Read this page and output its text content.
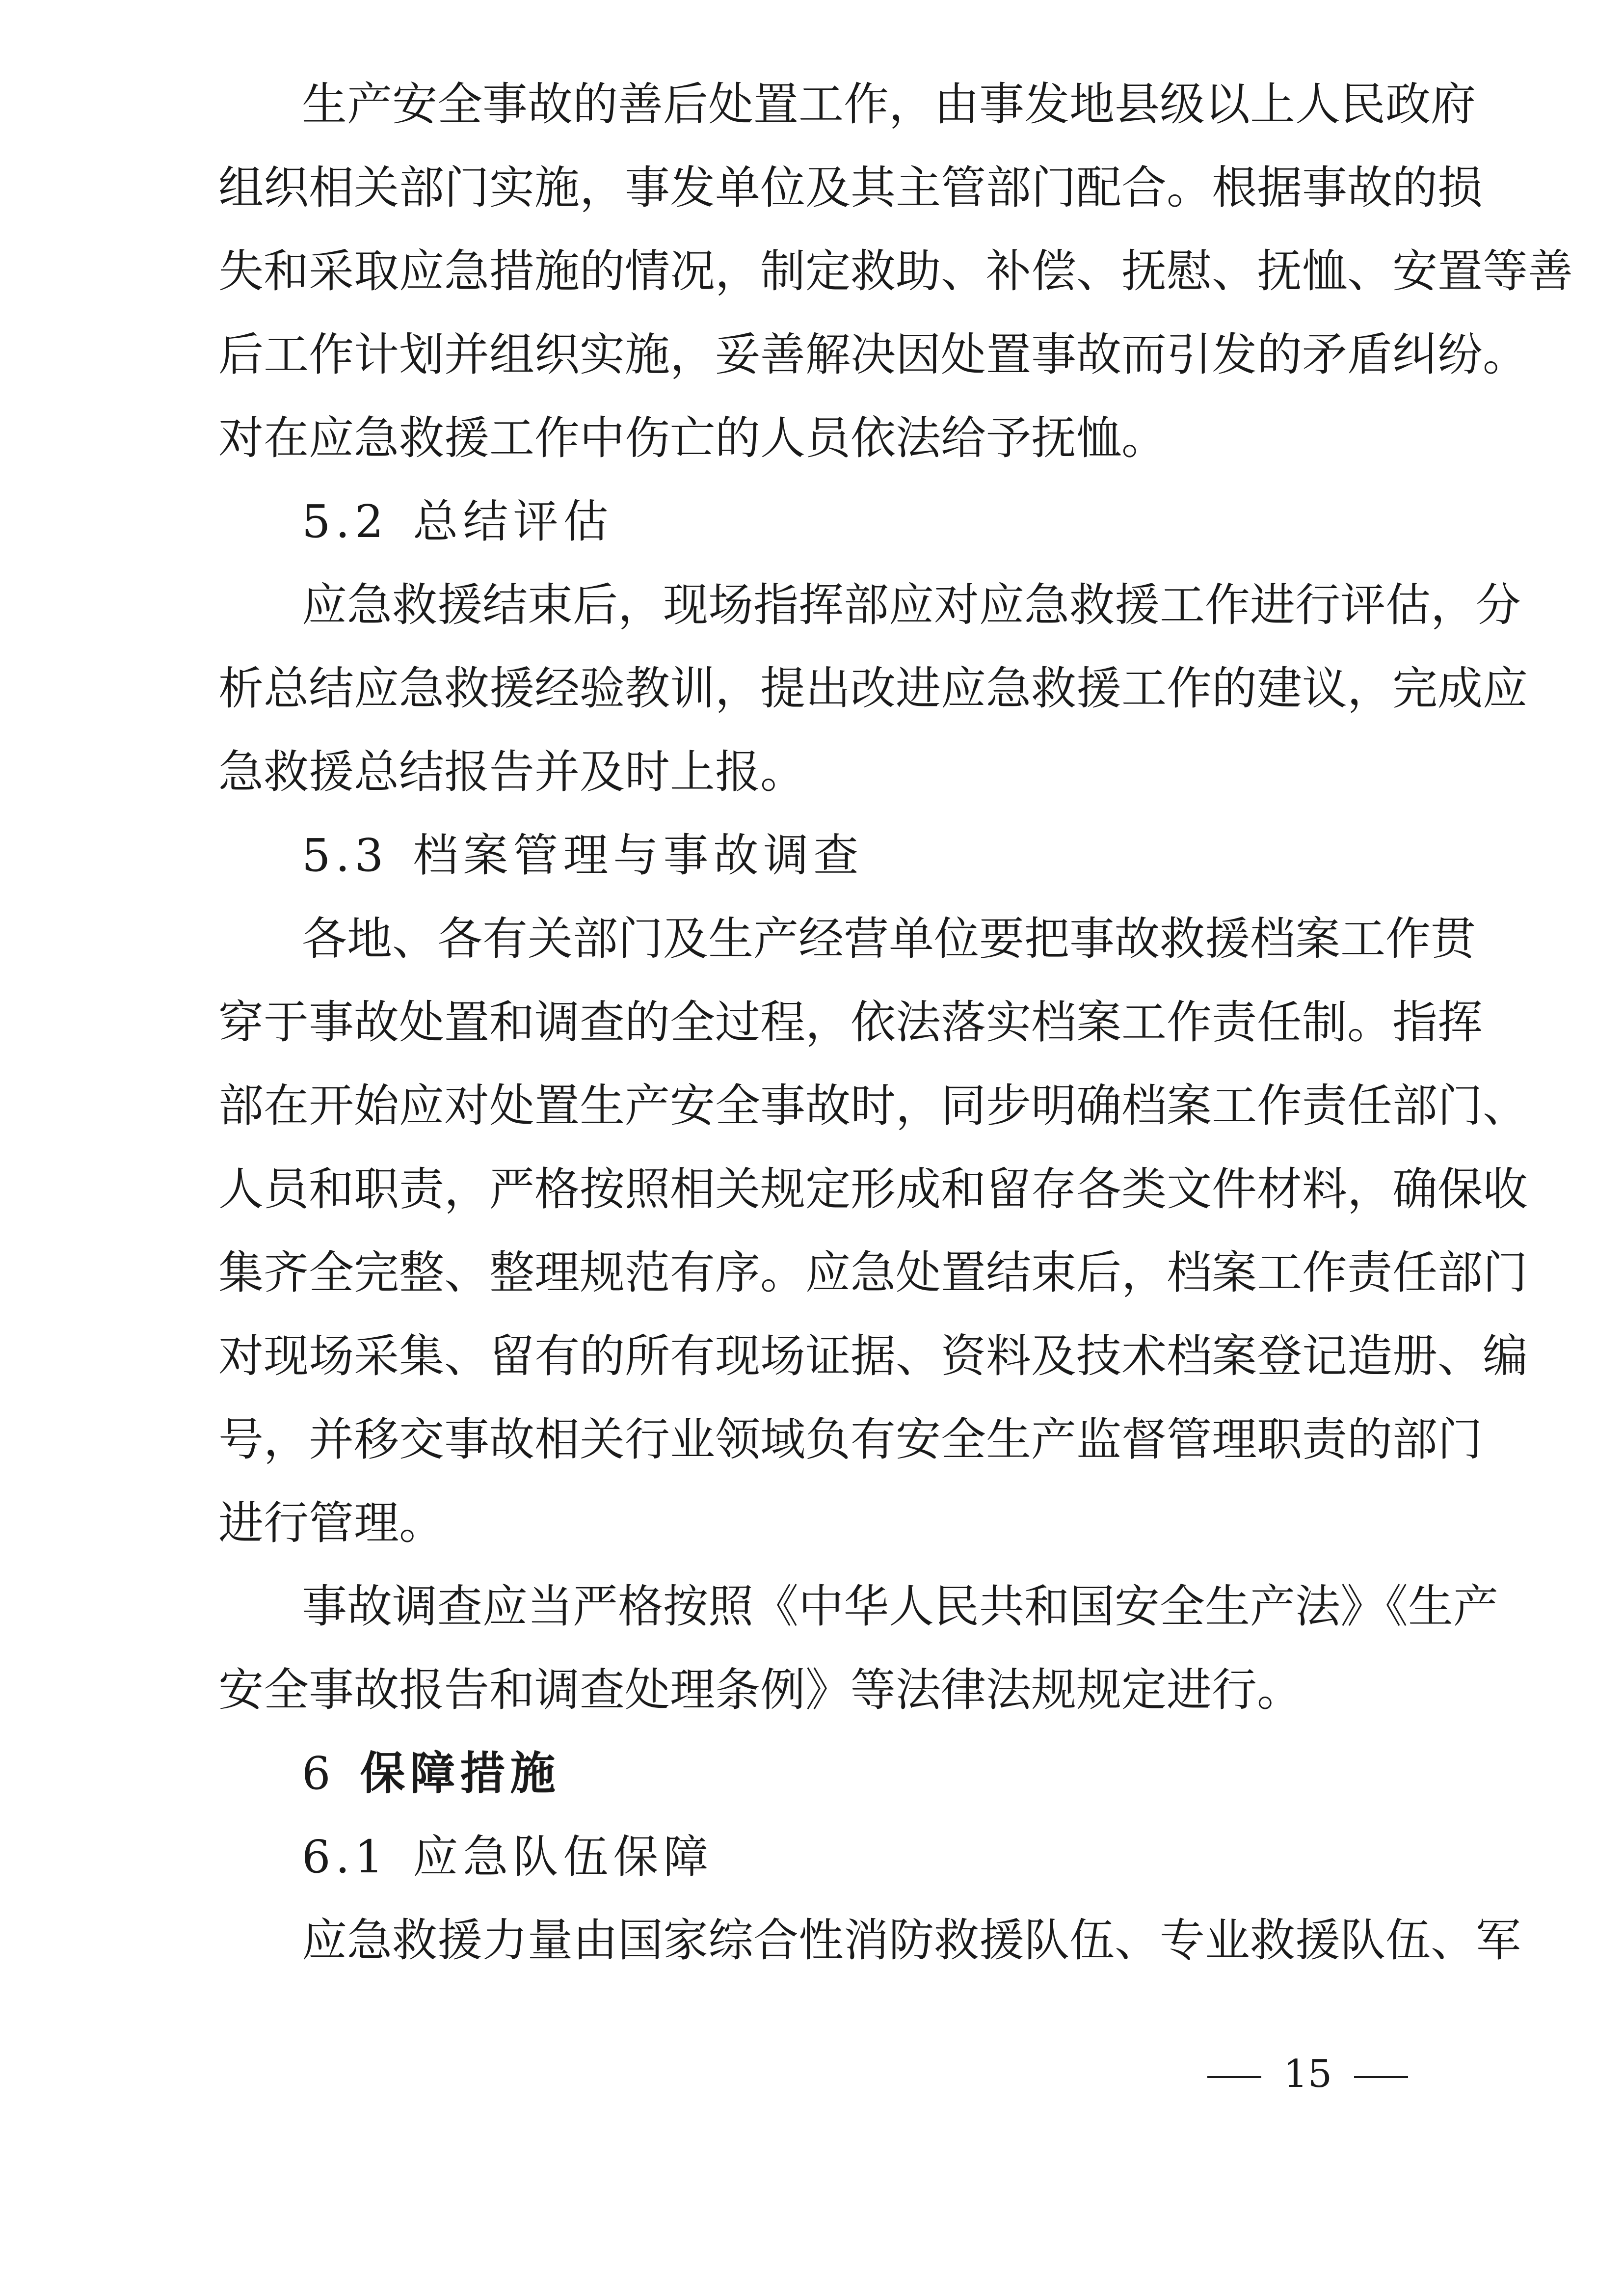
生产安全事故的善后处置工作，由事发地县级以上人民政府
组织相关部门实施，事发单位及其主管部门配合。根据事故的损
失和采取应急措施的情况，制定救助、补偿、抚慰、抚恤、安置等善
后工作计划并组织实施，妥善解决因处置事故而引发的矛盾纠纷。
对在应急救援工作中伤亡的人员依法给予抚恤。
5.2 总结评估
应急救援结束后，现场指挥部应对应急救援工作进行评估，分
析总结应急救援经验教训，提出改进应急救援工作的建议，完成应
急救援总结报告并及时上报。
5.3 档案管理与事故调查
各地、各有关部门及生产经营单位要把事故救援档案工作贯
穿于事故处置和调查的全过程，依法落实档案工作责任制。指挥
部在开始应对处置生产安全事故时，同步明确档案工作责任部门、
人员和职责，严格按照相关规定形成和留存各类文件材料，确保收
集齐全完整、整理规范有序。应急处置结束后，档案工作责任部门
对现场采集、留有的所有现场证据、资料及技术档案登记造册、编
号，并移交事故相关行业领域负有安全生产监督管理职责的部门
进行管理。
事故调查应当严格按照《中华人民共和国安全生产法》《生产
安全事故报告和调查处理条例》等法律法规规定进行。
6 保障措施
6.1 应急队伍保障
应急救援力量由国家综合性消防救援队伍、专业救援队伍、军
15
